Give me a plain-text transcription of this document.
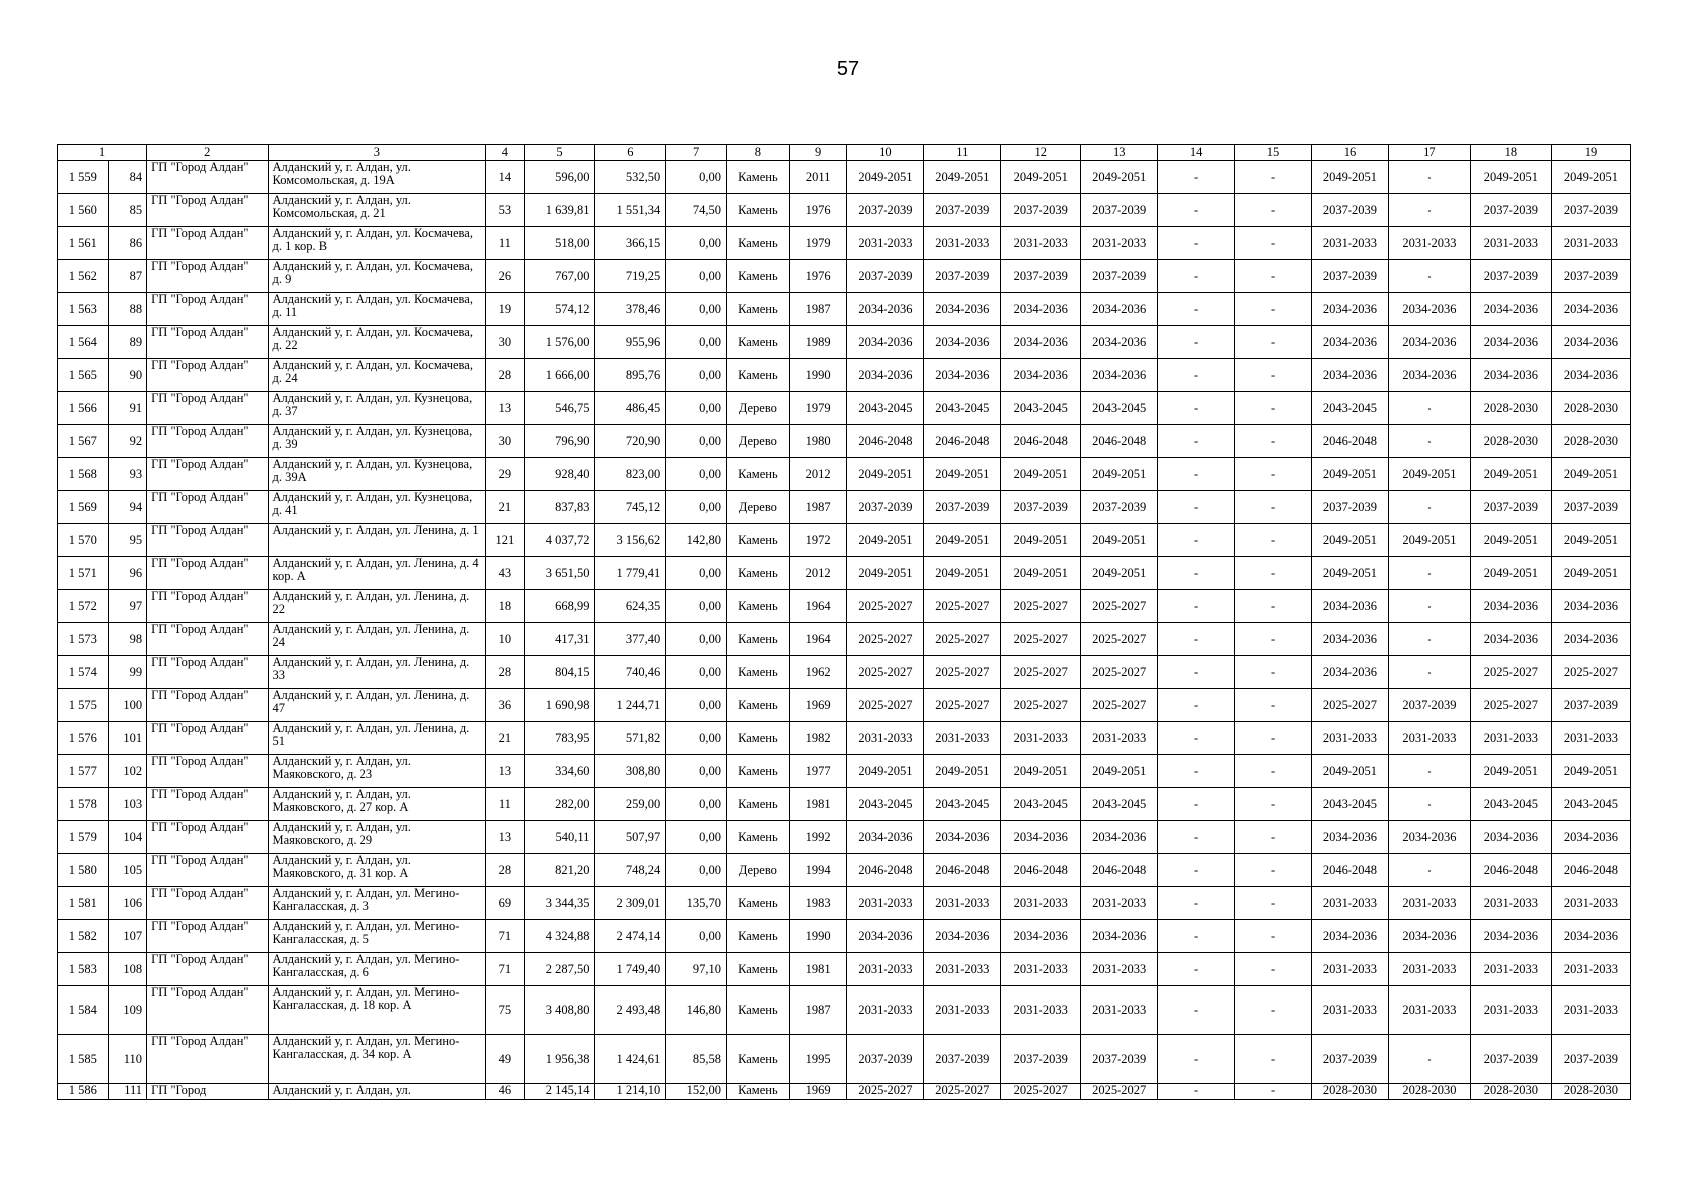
57
1		2	3	4	5	6	7	8	9	10	11	12	13	14	15	16	17	18	19
1 559	84	ГП "Город Алдан"	Алданский у, г. Алдан, ул. Комсомольская, д. 19А	14	596,00	532,50	0,00	Камень	2011	2049-2051	2049-2051	2049-2051	2049-2051	-	-	2049-2051	-	2049-2051	2049-2051
1 560	85	ГП "Город Алдан"	Алданский у, г. Алдан, ул. Комсомольская, д. 21	53	1 639,81	1 551,34	74,50	Камень	1976	2037-2039	2037-2039	2037-2039	2037-2039	-	-	2037-2039	-	2037-2039	2037-2039
1 561	86	ГП "Город Алдан"	Алданский у, г. Алдан, ул. Космачева, д. 1 кор. В	11	518,00	366,15	0,00	Камень	1979	2031-2033	2031-2033	2031-2033	2031-2033	-	-	2031-2033	2031-2033	2031-2033	2031-2033
1 562	87	ГП "Город Алдан"	Алданский у, г. Алдан, ул. Космачева, д. 9	26	767,00	719,25	0,00	Камень	1976	2037-2039	2037-2039	2037-2039	2037-2039	-	-	2037-2039	-	2037-2039	2037-2039
1 563	88	ГП "Город Алдан"	Алданский у, г. Алдан, ул. Космачева, д. 11	19	574,12	378,46	0,00	Камень	1987	2034-2036	2034-2036	2034-2036	2034-2036	-	-	2034-2036	2034-2036	2034-2036	2034-2036
1 564	89	ГП "Город Алдан"	Алданский у, г. Алдан, ул. Космачева, д. 22	30	1 576,00	955,96	0,00	Камень	1989	2034-2036	2034-2036	2034-2036	2034-2036	-	-	2034-2036	2034-2036	2034-2036	2034-2036
1 565	90	ГП "Город Алдан"	Алданский у, г. Алдан, ул. Космачева, д. 24	28	1 666,00	895,76	0,00	Камень	1990	2034-2036	2034-2036	2034-2036	2034-2036	-	-	2034-2036	2034-2036	2034-2036	2034-2036
1 566	91	ГП "Город Алдан"	Алданский у, г. Алдан, ул. Кузнецова, д. 37	13	546,75	486,45	0,00	Дерево	1979	2043-2045	2043-2045	2043-2045	2043-2045	-	-	2043-2045	-	2028-2030	2028-2030
1 567	92	ГП "Город Алдан"	Алданский у, г. Алдан, ул. Кузнецова, д. 39	30	796,90	720,90	0,00	Дерево	1980	2046-2048	2046-2048	2046-2048	2046-2048	-	-	2046-2048	-	2028-2030	2028-2030
1 568	93	ГП "Город Алдан"	Алданский у, г. Алдан, ул. Кузнецова, д. 39А	29	928,40	823,00	0,00	Камень	2012	2049-2051	2049-2051	2049-2051	2049-2051	-	-	2049-2051	2049-2051	2049-2051	2049-2051
1 569	94	ГП "Город Алдан"	Алданский у, г. Алдан, ул. Кузнецова, д. 41	21	837,83	745,12	0,00	Дерево	1987	2037-2039	2037-2039	2037-2039	2037-2039	-	-	2037-2039	-	2037-2039	2037-2039
1 570	95	ГП "Город Алдан"	Алданский у, г. Алдан, ул. Ленина, д. 1	121	4 037,72	3 156,62	142,80	Камень	1972	2049-2051	2049-2051	2049-2051	2049-2051	-	-	2049-2051	2049-2051	2049-2051	2049-2051
1 571	96	ГП "Город Алдан"	Алданский у, г. Алдан, ул. Ленина, д. 4 кор. А	43	3 651,50	1 779,41	0,00	Камень	2012	2049-2051	2049-2051	2049-2051	2049-2051	-	-	2049-2051	-	2049-2051	2049-2051
1 572	97	ГП "Город Алдан"	Алданский у, г. Алдан, ул. Ленина, д. 22	18	668,99	624,35	0,00	Камень	1964	2025-2027	2025-2027	2025-2027	2025-2027	-	-	2034-2036	-	2034-2036	2034-2036
1 573	98	ГП "Город Алдан"	Алданский у, г. Алдан, ул. Ленина, д. 24	10	417,31	377,40	0,00	Камень	1964	2025-2027	2025-2027	2025-2027	2025-2027	-	-	2034-2036	-	2034-2036	2034-2036
1 574	99	ГП "Город Алдан"	Алданский у, г. Алдан, ул. Ленина, д. 33	28	804,15	740,46	0,00	Камень	1962	2025-2027	2025-2027	2025-2027	2025-2027	-	-	2034-2036	-	2025-2027	2025-2027
1 575	100	ГП "Город Алдан"	Алданский у, г. Алдан, ул. Ленина, д. 47	36	1 690,98	1 244,71	0,00	Камень	1969	2025-2027	2025-2027	2025-2027	2025-2027	-	-	2025-2027	2037-2039	2025-2027	2037-2039
1 576	101	ГП "Город Алдан"	Алданский у, г. Алдан, ул. Ленина, д. 51	21	783,95	571,82	0,00	Камень	1982	2031-2033	2031-2033	2031-2033	2031-2033	-	-	2031-2033	2031-2033	2031-2033	2031-2033
1 577	102	ГП "Город Алдан"	Алданский у, г. Алдан, ул. Маяковского, д. 23	13	334,60	308,80	0,00	Камень	1977	2049-2051	2049-2051	2049-2051	2049-2051	-	-	2049-2051	-	2049-2051	2049-2051
1 578	103	ГП "Город Алдан"	Алданский у, г. Алдан, ул. Маяковского, д. 27 кор. А	11	282,00	259,00	0,00	Камень	1981	2043-2045	2043-2045	2043-2045	2043-2045	-	-	2043-2045	-	2043-2045	2043-2045
1 579	104	ГП "Город Алдан"	Алданский у, г. Алдан, ул. Маяковского, д. 29	13	540,11	507,97	0,00	Камень	1992	2034-2036	2034-2036	2034-2036	2034-2036	-	-	2034-2036	2034-2036	2034-2036	2034-2036
1 580	105	ГП "Город Алдан"	Алданский у, г. Алдан, ул. Маяковского, д. 31 кор. А	28	821,20	748,24	0,00	Дерево	1994	2046-2048	2046-2048	2046-2048	2046-2048	-	-	2046-2048	-	2046-2048	2046-2048
1 581	106	ГП "Город Алдан"	Алданский у, г. Алдан, ул. Мегино-Кангаласская, д. 3	69	3 344,35	2 309,01	135,70	Камень	1983	2031-2033	2031-2033	2031-2033	2031-2033	-	-	2031-2033	2031-2033	2031-2033	2031-2033
1 582	107	ГП "Город Алдан"	Алданский у, г. Алдан, ул. Мегино-Кангаласская, д. 5	71	4 324,88	2 474,14	0,00	Камень	1990	2034-2036	2034-2036	2034-2036	2034-2036	-	-	2034-2036	2034-2036	2034-2036	2034-2036
1 583	108	ГП "Город Алдан"	Алданский у, г. Алдан, ул. Мегино-Кангаласская, д. 6	71	2 287,50	1 749,40	97,10	Камень	1981	2031-2033	2031-2033	2031-2033	2031-2033	-	-	2031-2033	2031-2033	2031-2033	2031-2033
1 584	109	ГП "Город Алдан"	Алданский у, г. Алдан, ул. Мегино-Кангаласская, д. 18 кор. А	75	3 408,80	2 493,48	146,80	Камень	1987	2031-2033	2031-2033	2031-2033	2031-2033	-	-	2031-2033	2031-2033	2031-2033	2031-2033
1 585	110	ГП "Город Алдан"	Алданский у, г. Алдан, ул. Мегино-Кангаласская, д. 34 кор. А	49	1 956,38	1 424,61	85,58	Камень	1995	2037-2039	2037-2039	2037-2039	2037-2039	-	-	2037-2039	-	2037-2039	2037-2039
1 586	111	ГП "Город	Алданский у, г. Алдан, ул.	46	2 145,14	1 214,10	152,00	Камень	1969	2025-2027	2025-2027	2025-2027	2025-2027	-	-	2028-2030	2028-2030	2028-2030	2028-2030
